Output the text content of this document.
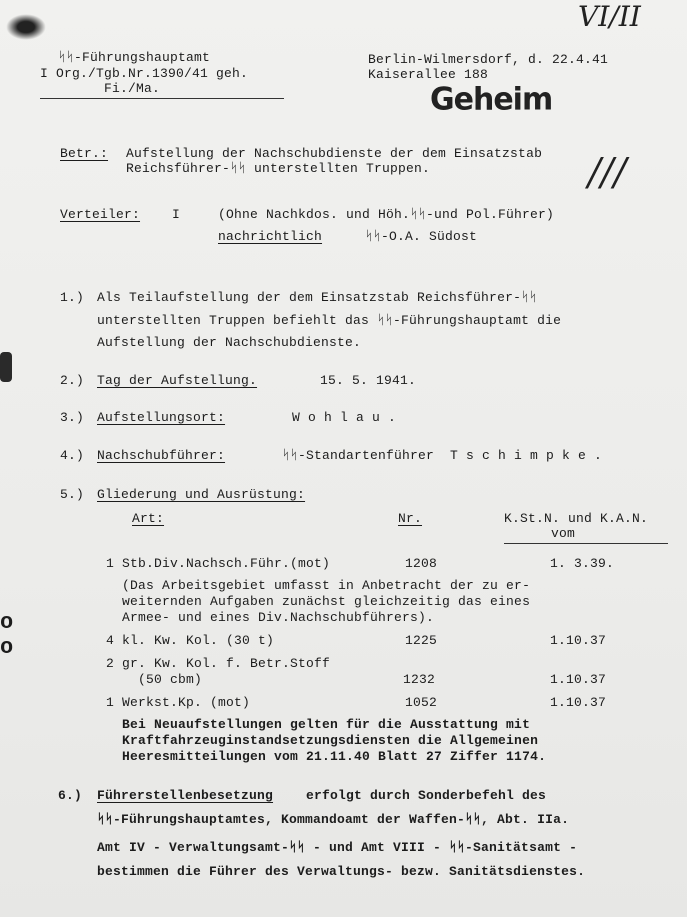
o
o
VI/II
///
ᛋᛋ-Führungshauptamt
I Org./Tgb.Nr.1390/41 geh.
Fi./Ma.
Berlin-Wilmersdorf, d. 22.4.41
Kaiserallee 188
Geheim
Betr.: Aufstellung der Nachschubdienste der dem Einsatzstab
Reichsführer-ᛋᛋ unterstellten Truppen.
Verteiler: I	(Ohne Nachkdos. und Höh.ᛋᛋ-und Pol.Führer)
nachrichtlich	ᛋᛋ-O.A. Südost
1.) Als Teilaufstellung der dem Einsatzstab Reichsführer-ᛋᛋ
unterstellten Truppen befiehlt das ᛋᛋ-Führungshauptamt die
Aufstellung der Nachschubdienste.
2.) Tag der Aufstellung.	15. 5. 1941.
3.) Aufstellungsort:	W o h l a u .
4.) Nachschubführer:	ᛋᛋ-Standartenführer  T s c h i m p k e .
5.) Gliederung und Ausrüstung:
Art:	Nr.	K.St.N. und K.A.N.
vom
1 Stb.Div.Nachsch.Führ.(mot)	1208	1. 3.39.
(Das Arbeitsgebiet umfasst in Anbetracht der zu er-
weiternden Aufgaben zunächst gleichzeitig das eines
Armee- und eines Div.Nachschubführers).
4 kl. Kw. Kol. (30 t)	1225	1.10.37
2 gr. Kw. Kol. f. Betr.Stoff
(50 cbm)	1232	1.10.37
1 Werkst.Kp. (mot)	1052	1.10.37
Bei Neuaufstellungen gelten für die Ausstattung mit
Kraftfahrzeuginstandsetzungsdiensten die Allgemeinen
Heeresmitteilungen vom 21.11.40 Blatt 27 Ziffer 1174.
6.) Führerstellenbesetzung	erfolgt durch Sonderbefehl des
ᛋᛋ-Führungshauptamtes, Kommandoamt der Waffen-ᛋᛋ, Abt. IIa.
Amt IV - Verwaltungsamt-ᛋᛋ - und Amt VIII - ᛋᛋ-Sanitätsamt -
bestimmen die Führer des Verwaltungs- bezw. Sanitätsdienstes.
